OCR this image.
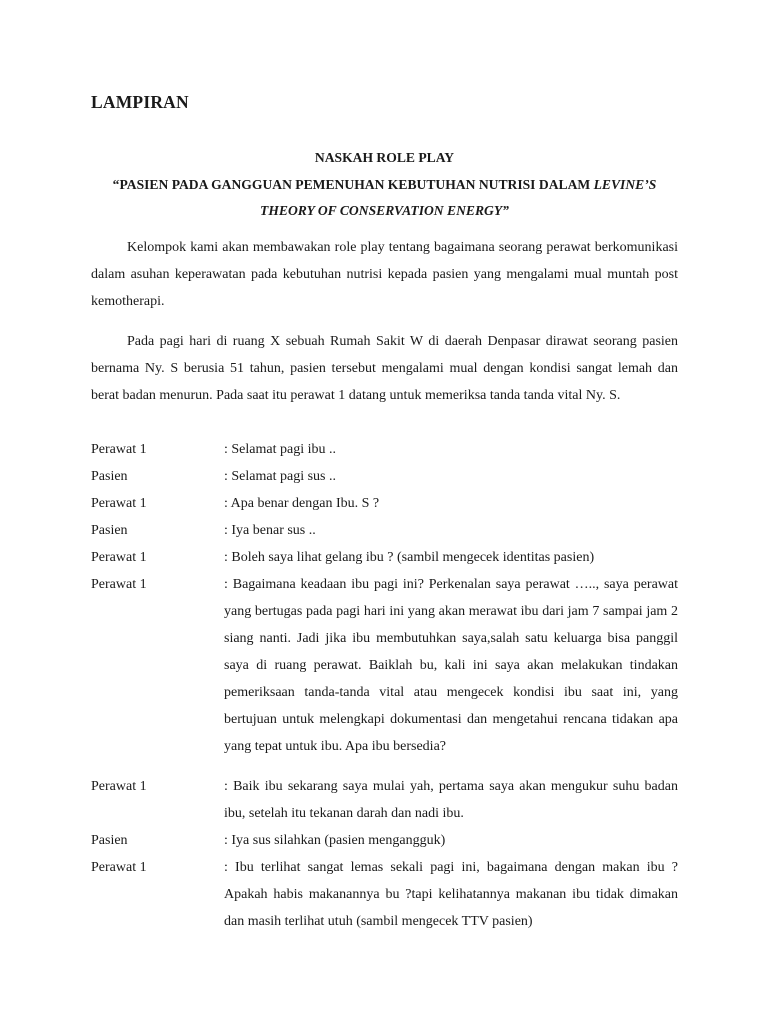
LAMPIRAN
NASKAH ROLE PLAY
“PASIEN PADA GANGGUAN PEMENUHAN KEBUTUHAN NUTRISI DALAM LEVINE’S
THEORY OF CONSERVATION ENERGY”

Kelompok kami akan membawakan role play tentang bagaimana seorang perawat berkomunikasi dalam asuhan keperawatan pada kebutuhan nutrisi kepada pasien yang mengalami mual muntah post kemotherapi.

Pada pagi hari di ruang X sebuah Rumah Sakit W di daerah Denpasar dirawat seorang pasien bernama Ny. S berusia 51 tahun, pasien tersebut mengalami mual dengan kondisi sangat lemah dan berat badan menurun. Pada saat itu perawat 1 datang untuk memeriksa tanda tanda vital Ny. S.

Perawat 1	: Selamat pagi ibu ..
Pasien	: Selamat pagi sus ..
Perawat 1	: Apa benar dengan Ibu. S ?
Pasien	: Iya benar sus ..
Perawat 1	: Boleh saya lihat gelang ibu ? (sambil mengecek identitas pasien)
Perawat 1	: Bagaimana keadaan ibu pagi ini? Perkenalan saya perawat ….., saya perawat yang bertugas pada pagi hari ini yang akan merawat ibu dari jam 7 sampai jam 2 siang nanti. Jadi jika ibu membutuhkan saya,salah satu keluarga bisa panggil saya di ruang perawat. Baiklah bu, kali ini saya akan melakukan tindakan pemeriksaan tanda-tanda vital atau mengecek kondisi ibu saat ini, yang bertujuan untuk melengkapi dokumentasi dan mengetahui rencana tidakan apa yang tepat untuk ibu. Apa ibu bersedia?
Perawat 1	: Baik ibu sekarang saya mulai yah, pertama saya akan mengukur suhu badan ibu, setelah itu tekanan darah dan nadi ibu.
Pasien	: Iya sus silahkan (pasien mengangguk)
Perawat 1	: Ibu terlihat sangat lemas sekali pagi ini, bagaimana dengan makan ibu ? Apakah habis makanannya bu ?tapi kelihatannya makanan ibu tidak dimakan dan masih terlihat utuh (sambil mengecek TTV pasien)
